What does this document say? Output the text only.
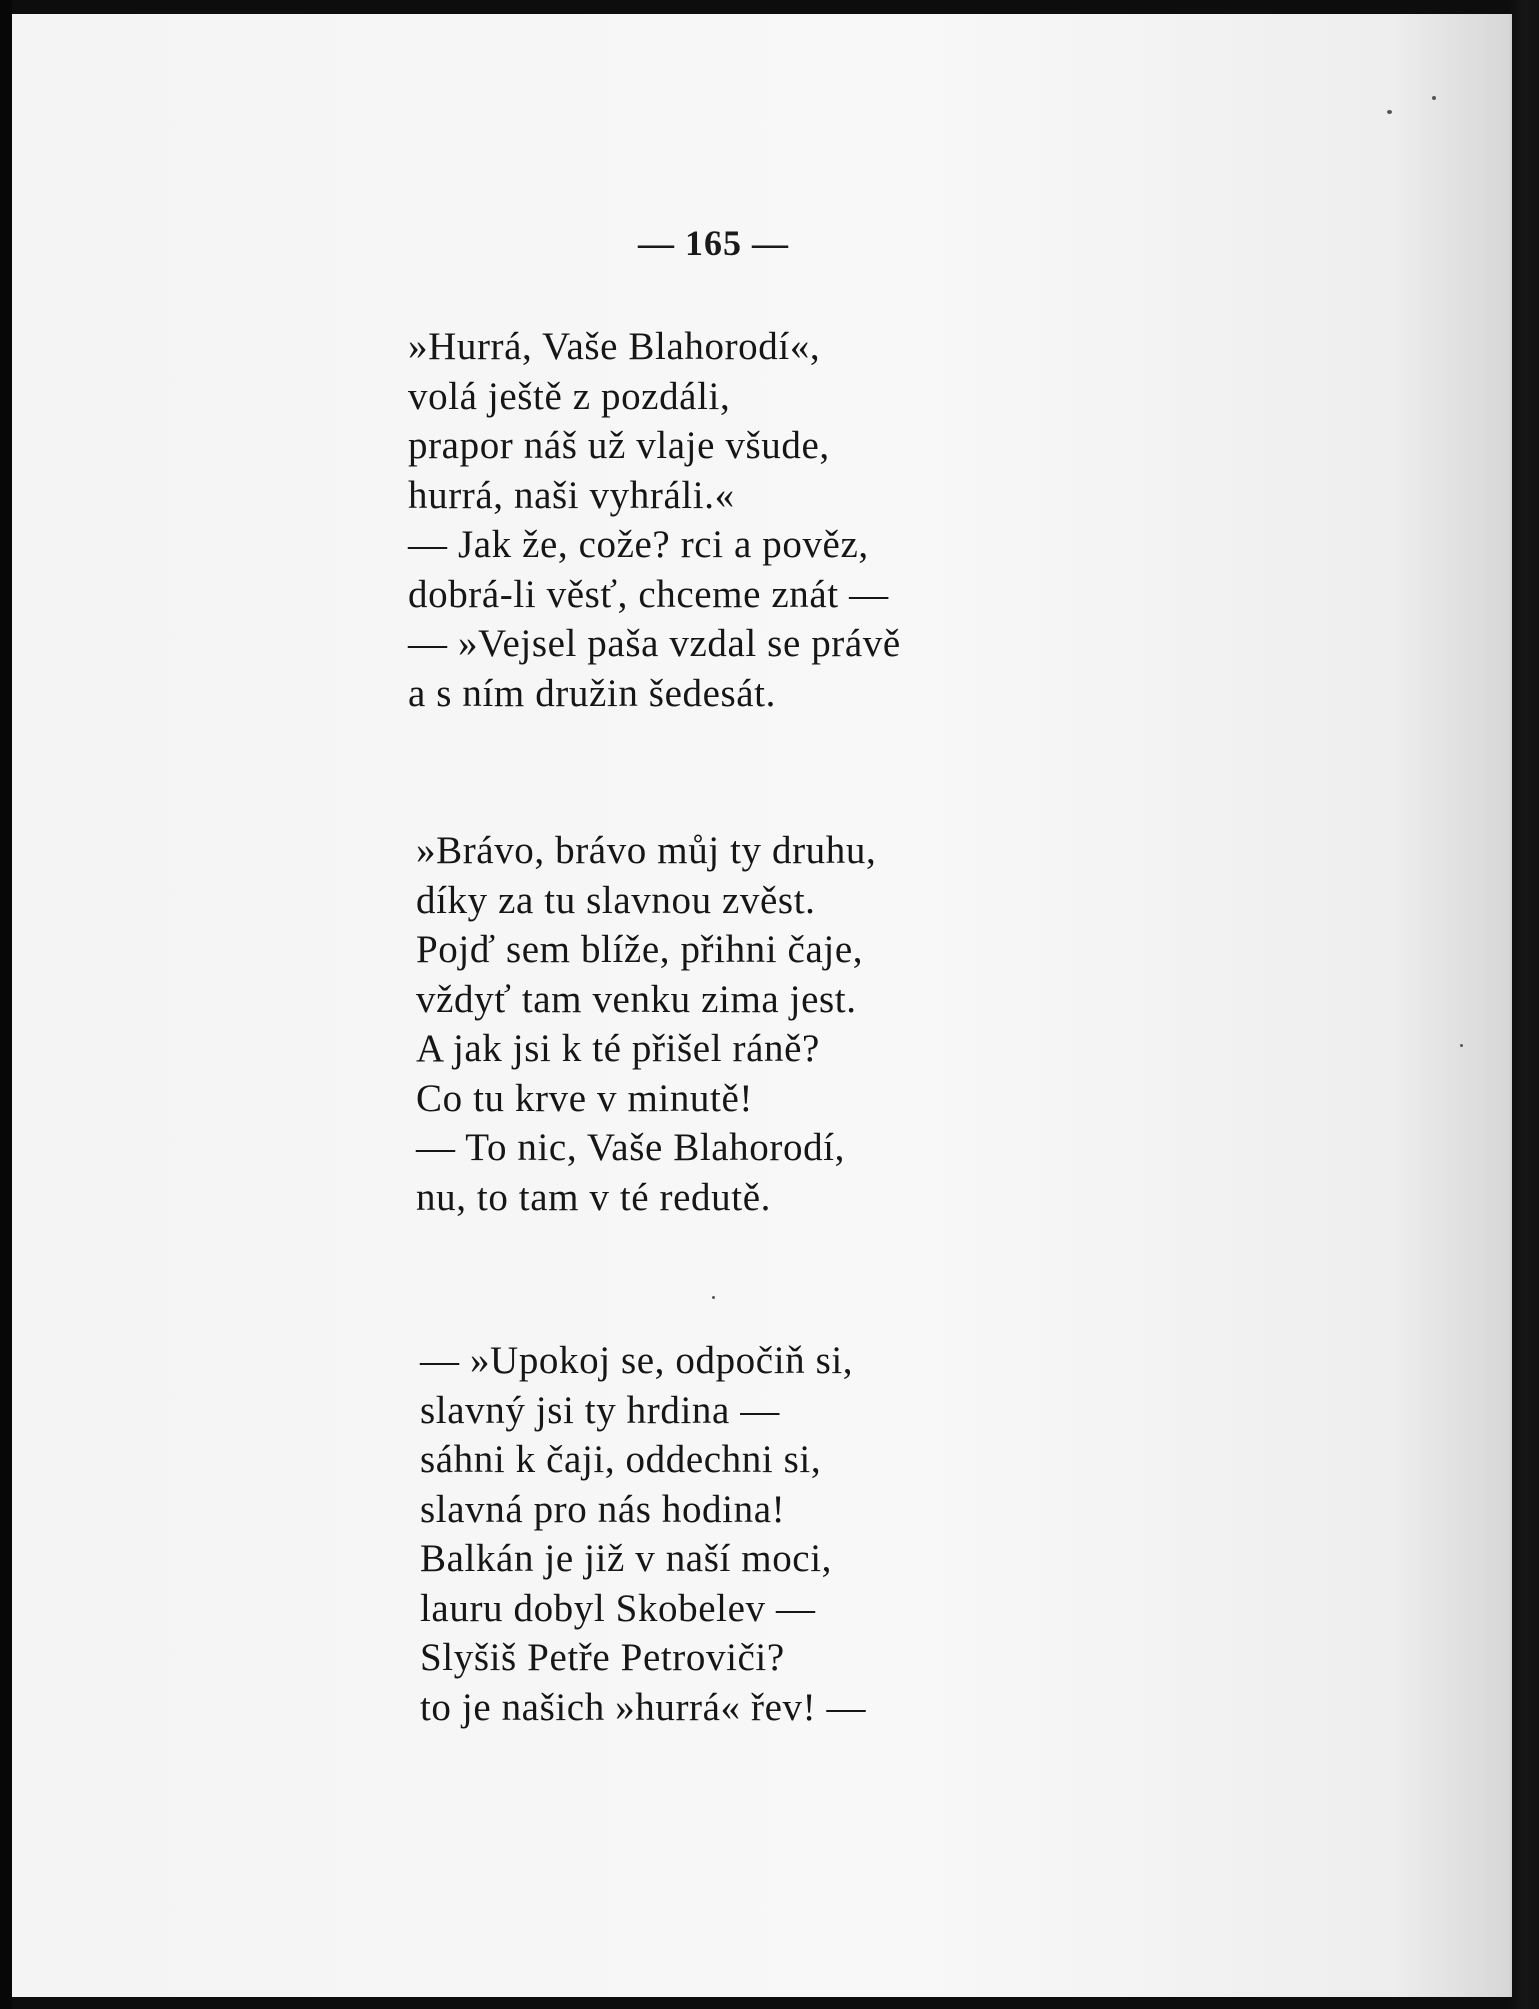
— 165 —
»Hurrá, Vaše Blahorodí«,
volá ještě z pozdáli,
prapor náš už vlaje všude,
hurrá, naši vyhráli.«
— Jak že, cože? rci a pověz,
dobrá-li věsť, chceme znát —
— »Vejsel paša vzdal se právě
a s ním družin šedesát.
»Brávo, brávo můj ty druhu,
díky za tu slavnou zvěst.
Pojď sem blíže, přihni čaje,
vždyť tam venku zima jest.
A jak jsi k té přišel ráně?
Co tu krve v minutě!
— To nic, Vaše Blahorodí,
nu, to tam v té redutě.
— »Upokoj se, odpočiň si,
slavný jsi ty hrdina —
sáhni k čaji, oddechni si,
slavná pro nás hodina!
Balkán je již v naší moci,
lauru dobyl Skobelev —
Slyšiš Petře Petroviči?
to je našich »hurrá« řev! —
